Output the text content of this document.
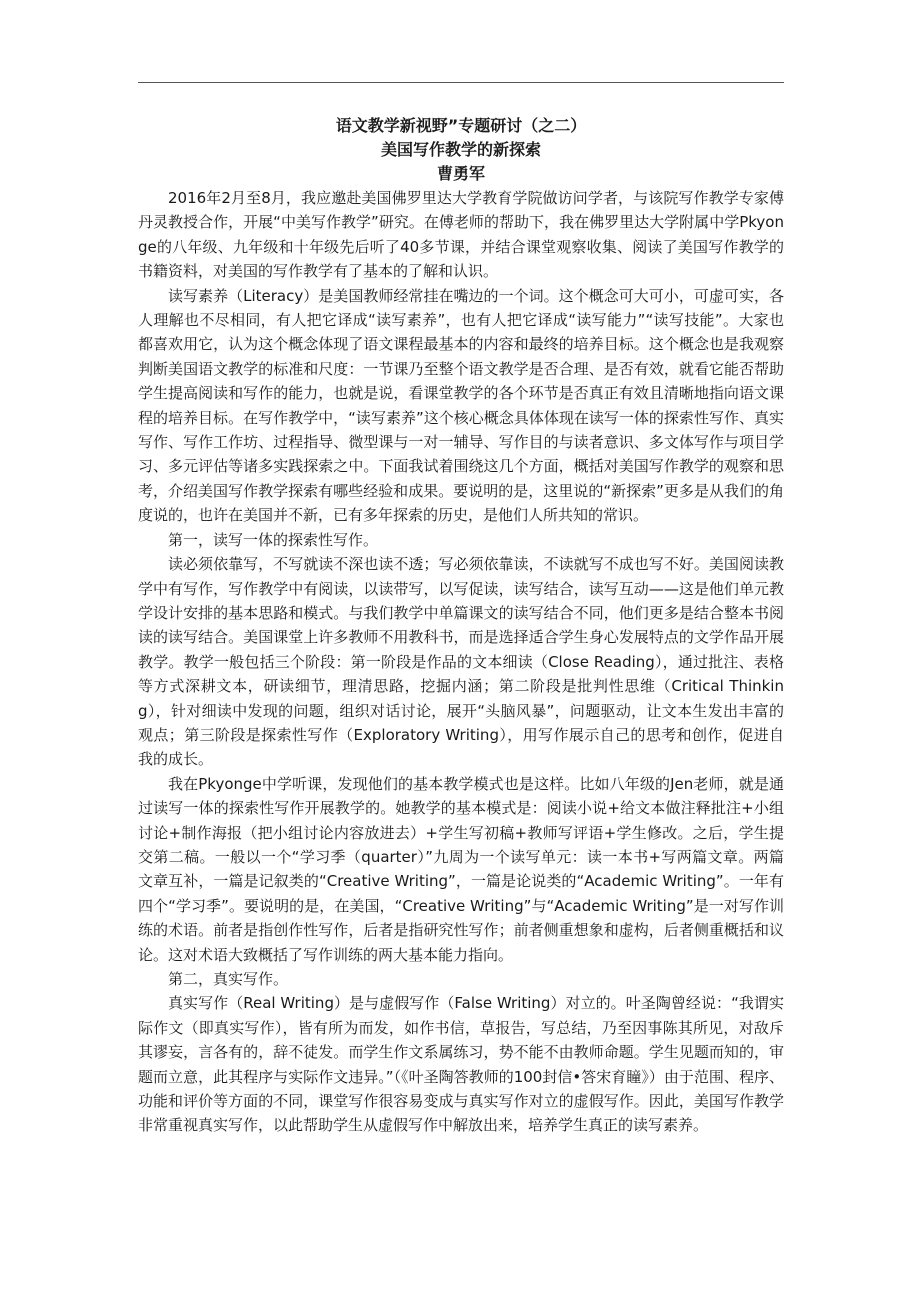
语文教学新视野”专题研讨（之二）

美国写作教学的新探索

曹勇军

2016年2月至8月，我应邀赴美国佛罗里达大学教育学院做访问学者，与该院写作教学专家傅丹灵教授合作，开展“中美写作教学”研究。在傅老师的帮助下，我在佛罗里达大学附属中学Pkyonge的八年级、九年级和十年级先后听了40多节课，并结合课堂观察收集、阅读了美国写作教学的书籍资料，对美国的写作教学有了基本的了解和认识。

读写素养（Literacy）是美国教师经常挂在嘴边的一个词。这个概念可大可小，可虚可实，各人理解也不尽相同，有人把它译成“读写素养”，也有人把它译成“读写能力”“读写技能”。大家也都喜欢用它，认为这个概念体现了语文课程最基本的内容和最终的培养目标。这个概念也是我观察判断美国语文教学的标准和尺度：一节课乃至整个语文教学是否合理、是否有效，就看它能否帮助学生提高阅读和写作的能力，也就是说，看课堂教学的各个环节是否真正有效且清晰地指向语文课程的培养目标。在写作教学中，“读写素养”这个核心概念具体体现在读写一体的探索性写作、真实写作、写作工作坊、过程指导、微型课与一对一辅导、写作目的与读者意识、多文体写作与项目学习、多元评估等诸多实践探索之中。下面我试着围绕这几个方面，概括对美国写作教学的观察和思考，介绍美国写作教学探索有哪些经验和成果。要说明的是，这里说的“新探索”更多是从我们的角度说的，也许在美国并不新，已有多年探索的历史，是他们人所共知的常识。

第一，读写一体的探索性写作。

读必须依靠写，不写就读不深也读不透；写必须依靠读，不读就写不成也写不好。美国阅读教学中有写作，写作教学中有阅读，以读带写，以写促读，读写结合，读写互动——这是他们单元教学设计安排的基本思路和模式。与我们教学中单篇课文的读写结合不同，他们更多是结合整本书阅读的读写结合。美国课堂上许多教师不用教科书，而是选择适合学生身心发展特点的文学作品开展教学。教学一般包括三个阶段：第一阶段是作品的文本细读（Close Reading），通过批注、表格等方式深耕文本，研读细节，理清思路，挖掘内涵；第二阶段是批判性思维（Critical Thinking），针对细读中发现的问题，组织对话讨论，展开“头脑风暴”，问题驱动，让文本生发出丰富的观点；第三阶段是探索性写作（Exploratory Writing），用写作展示自己的思考和创作，促进自我的成长。

我在Pkyonge中学听课，发现他们的基本教学模式也是这样。比如八年级的Jen老师，就是通过读写一体的探索性写作开展教学的。她教学的基本模式是：阅读小说+给文本做注释批注+小组讨论+制作海报（把小组讨论内容放进去）+学生写初稿+教师写评语+学生修改。之后，学生提交第二稿。一般以一个“学习季（quarter）”九周为一个读写单元：读一本书+写两篇文章。两篇文章互补，一篇是记叙类的“Creative Writing”，一篇是论说类的“Academic Writing”。一年有四个“学习季”。要说明的是，在美国，“Creative Writing”与“Academic Writing”是一对写作训练的术语。前者是指创作性写作，后者是指研究性写作；前者侧重想象和虚构，后者侧重概括和议论。这对术语大致概括了写作训练的两大基本能力指向。

第二，真实写作。

真实写作（Real Writing）是与虚假写作（False Writing）对立的。叶圣陶曾经说：“我谓实际作文（即真实写作），皆有所为而发，如作书信，草报告，写总结，乃至因事陈其所见，对敌斥其谬妄，言各有的，辞不徒发。而学生作文系属练习，势不能不由教师命题。学生见题而知的，审题而立意，此其程序与实际作文违异。”（《叶圣陶答教师的100封信•答宋育瞳》）由于范围、程序、功能和评价等方面的不同，课堂写作很容易变成与真实写作对立的虚假写作。因此，美国写作教学非常重视真实写作，以此帮助学生从虚假写作中解放出来，培养学生真正的读写素养。
